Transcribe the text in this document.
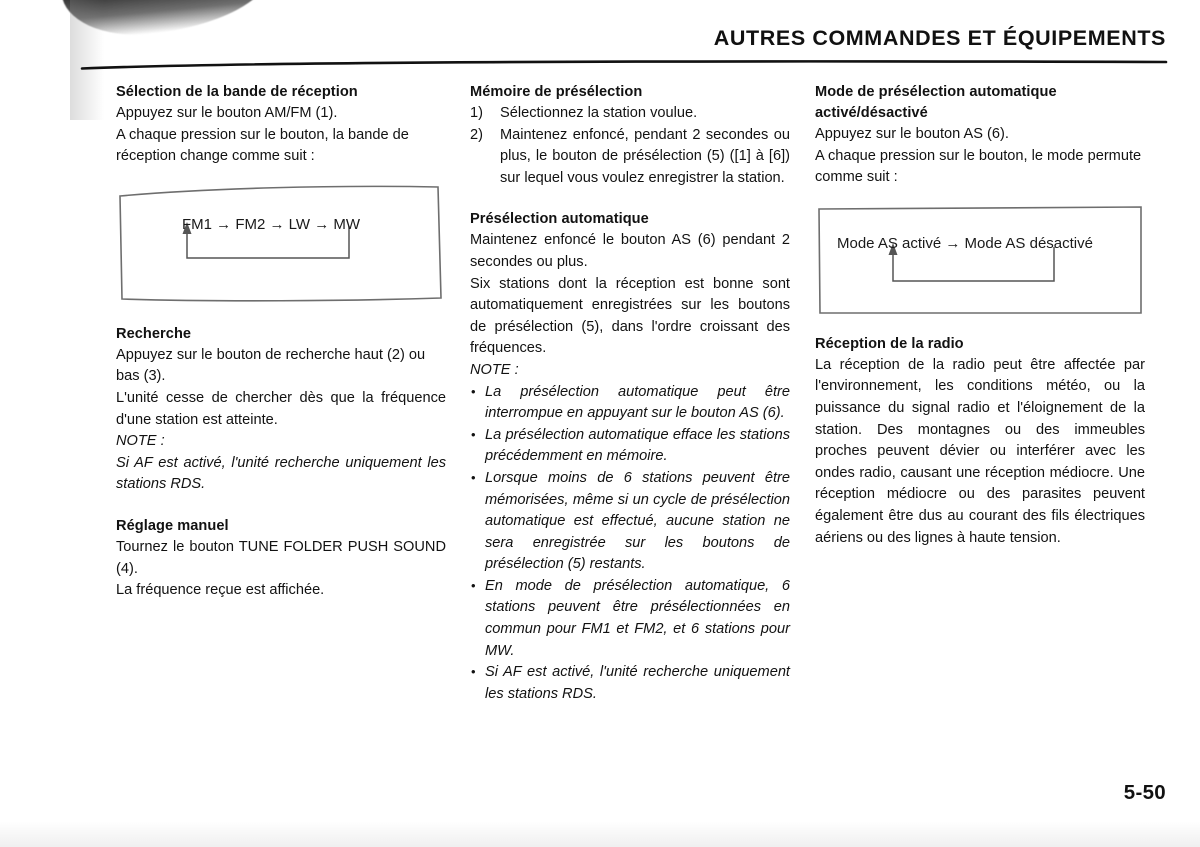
AUTRES COMMANDES ET ÉQUIPEMENTS
Sélection de la bande de réception

Appuyez sur le bouton AM/FM (1).

A chaque pression sur le bouton, la bande de réception change comme suit :

FM1 → FM2 → LW → MW
Recherche

Appuyez sur le bouton de recherche haut (2) ou bas (3).

L'unité cesse de chercher dès que la fréquence d'une station est atteinte.

NOTE :

Si AF est activé, l'unité recherche uniquement les stations RDS.

Réglage manuel

Tournez le bouton TUNE FOLDER PUSH SOUND (4).

La fréquence reçue est affichée.

Mémoire de présélection
1)	Sélectionnez la station voulue.
2)	Maintenez enfoncé, pendant 2 secondes ou plus, le bouton de présélection (5) ([1] à [6]) sur lequel vous voulez enregistrer la station.
Présélection automatique

Maintenez enfoncé le bouton AS (6) pendant 2 secondes ou plus.

Six stations dont la réception est bonne sont automatiquement enregistrées sur les boutons de présélection (5), dans l'ordre croissant des fréquences.

NOTE :

• La présélection automatique peut être interrompue en appuyant sur le bouton AS (6).
• La présélection automatique efface les stations précédemment en mémoire.
• Lorsque moins de 6 stations peuvent être mémorisées, même si un cycle de présélection automatique est effectué, aucune station ne sera enregistrée sur les boutons de présélection (5) restants.
• En mode de présélection automatique, 6 stations peuvent être présélectionnées en commun pour FM1 et FM2, et 6 stations pour MW.
• Si AF est activé, l'unité recherche uniquement les stations RDS.
Mode de présélection automatique
activé/désactivé

Appuyez sur le bouton AS (6).

A chaque pression sur le bouton, le mode permute comme suit :

Mode AS activé → Mode AS désactivé
Réception de la radio

La réception de la radio peut être affectée par l'environnement, les conditions météo, ou la puissance du signal radio et l'éloignement de la station. Des montagnes ou des immeubles proches peuvent dévier ou interférer avec les ondes radio, causant une réception médiocre. Une réception médiocre ou des parasites peuvent également être dus au courant des fils électriques aériens ou des lignes à haute tension.

5-50
